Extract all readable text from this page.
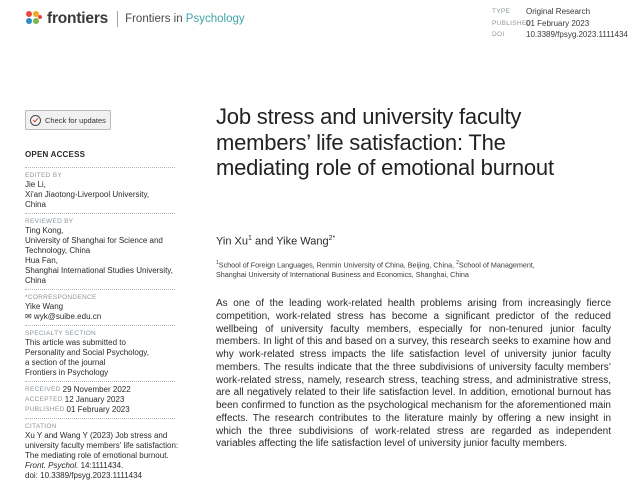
frontiers Frontiers in Psychology
TYPE	Original Research
PUBLISHED
01 February 2023
DOI	10.3389/fpsyg.2023.1111434
Check for updates
OPEN ACCESS
EDITED BY
Jie Li,
Xi'an Jiaotong-Liverpool University,
China
REVIEWED BY
Ting Kong,
University of Shanghai for Science and
Technology, China
Hua Fan,
Shanghai International Studies University,
China
*CORRESPONDENCE
Yike Wang
✉ wyk@suibe.edu.cn
SPECIALTY SECTION
This article was submitted to
Personality and Social Psychology,
a section of the journal
Frontiers in Psychology
RECEIVED 29 November 2022
ACCEPTED 12 January 2023
PUBLISHED 01 February 2023
CITATION
Xu Y and Wang Y (2023) Job stress and
university faculty members' life satisfaction:
The mediating role of emotional burnout.
Front. Psychol. 14:1111434.
doi: 10.3389/fpsyg.2023.1111434
Job stress and university faculty members’ life satisfaction: The mediating role of emotional burnout
Yin Xu$^1$ and Yike Wang$^{2*}$
$^1$School of Foreign Languages, Renmin University of China, Beijing, China, $^2$School of Management,
Shanghai University of International Business and Economics, Shanghai, China
As one of the leading work-related health problems arising from increasingly fierce competition, work-related stress has become a significant predictor of the reduced wellbeing of university faculty members, especially for non-tenured junior faculty members. In light of this and based on a survey, this research seeks to examine how and why work-related stress impacts the life satisfaction level of university junior faculty members. The results indicate that the three subdivisions of university faculty members’ work-related stress, namely, research stress, teaching stress, and administrative stress, are all negatively related to their life satisfaction level. In addition, emotional burnout has been confirmed to function as the psychological mechanism for the aforementioned main effects. The research contributes to the literature mainly by offering a new insight in which the three subdivisions of work-related stress are regarded as independent variables affecting the life satisfaction level of university junior faculty members.
